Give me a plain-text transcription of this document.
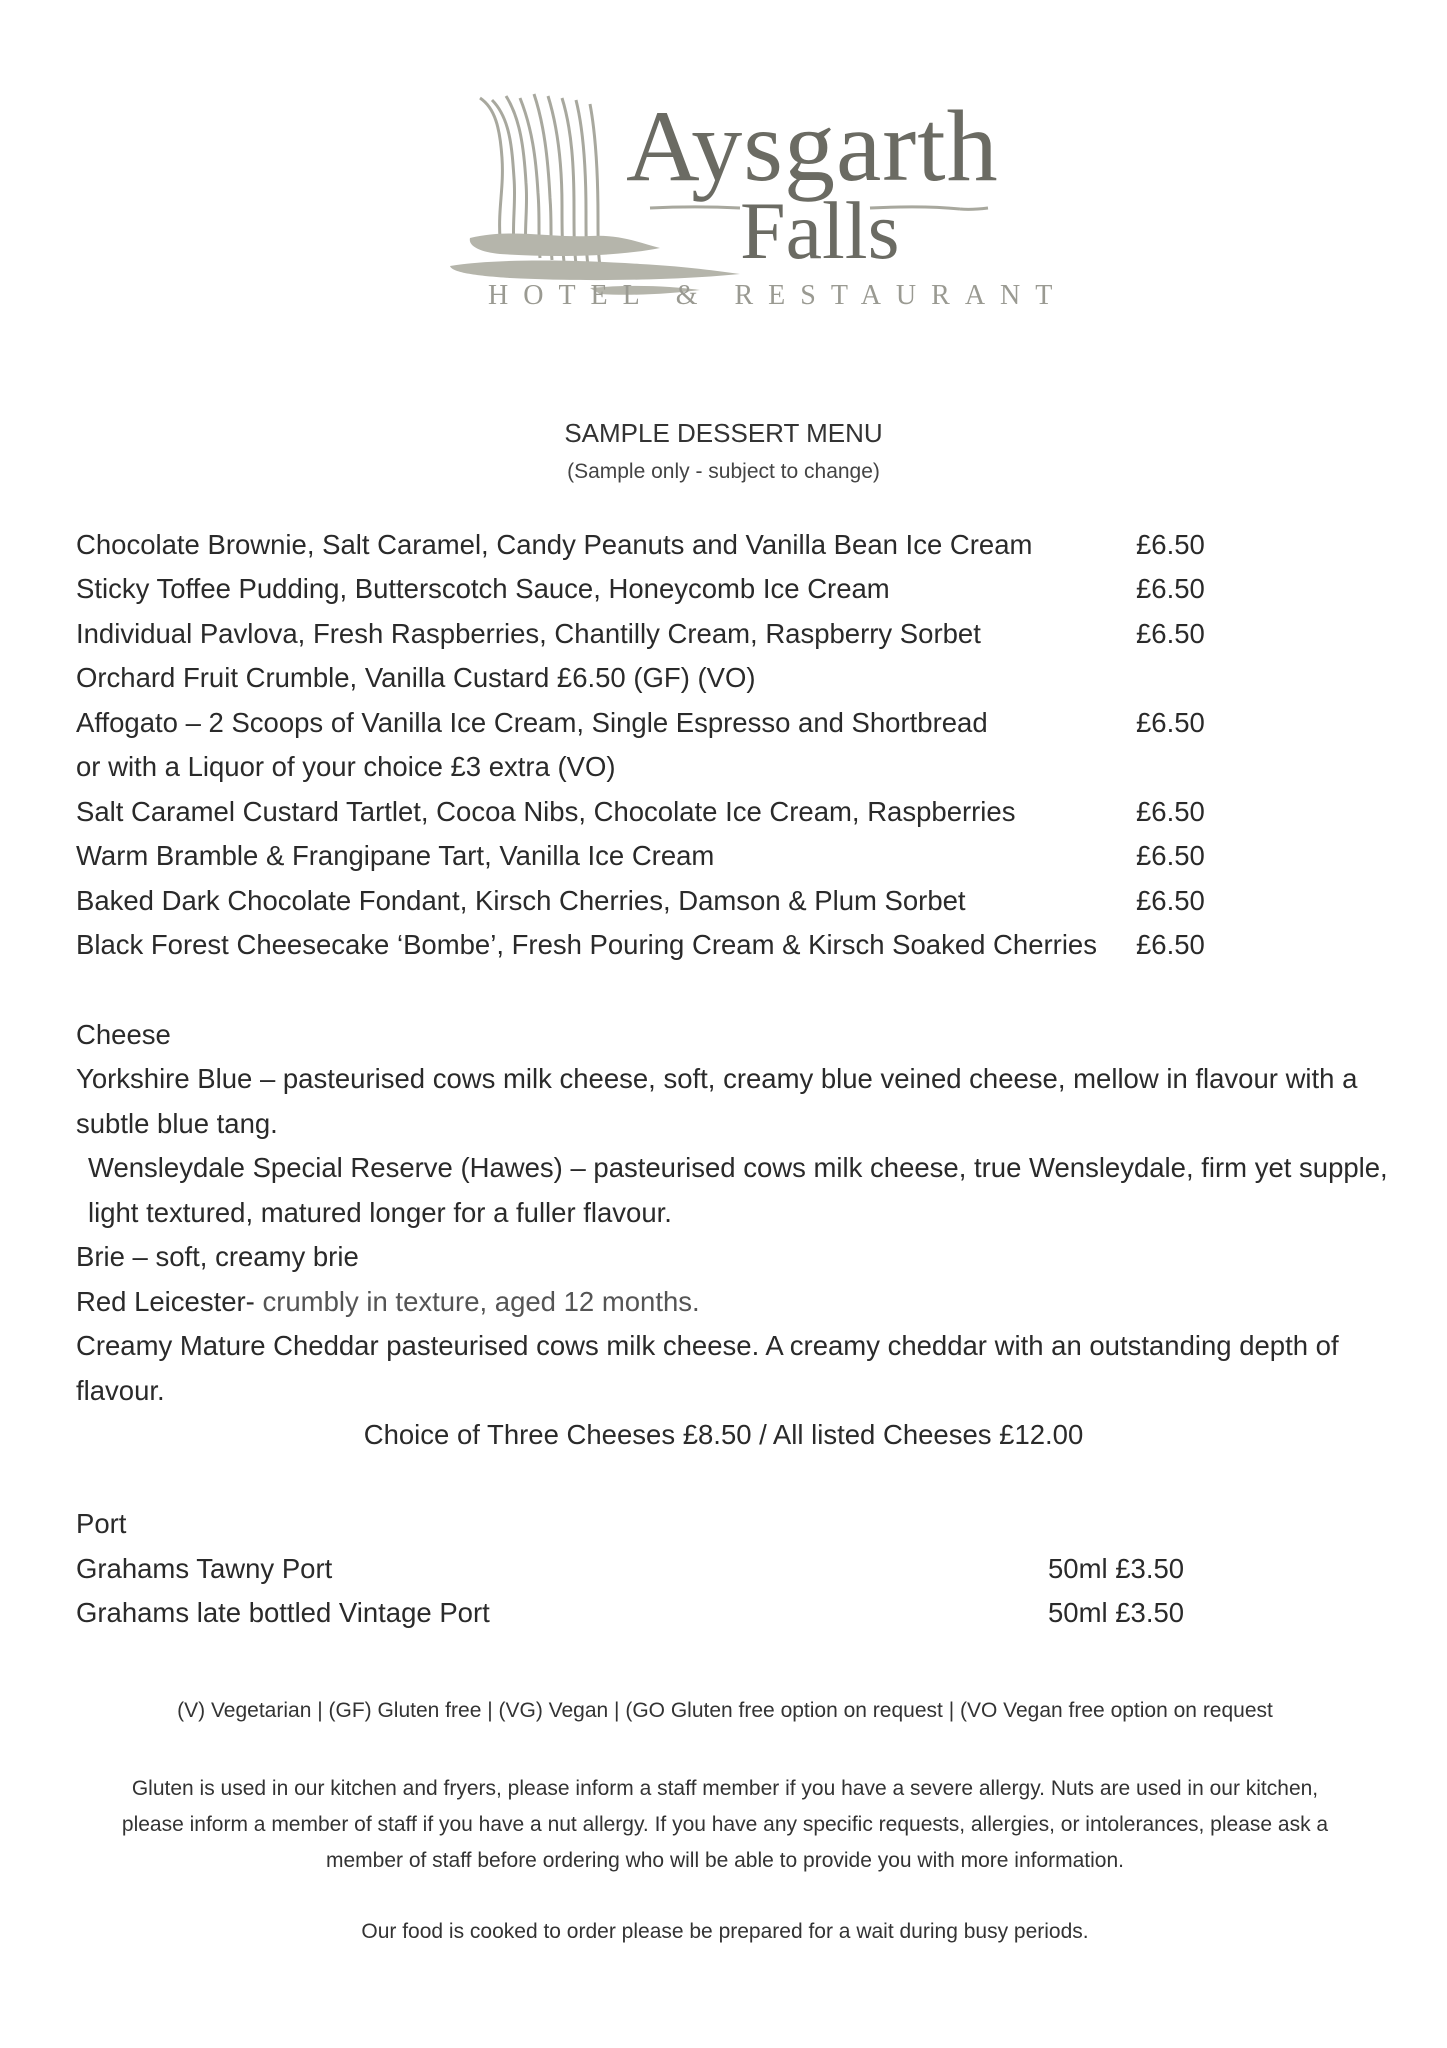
Aysgarth
Falls
HOTEL & RESTAURANT
SAMPLE DESSERT MENU
(Sample only - subject to change)
Chocolate Brownie, Salt Caramel, Candy Peanuts and Vanilla Bean Ice Cream	£6.50
Sticky Toffee Pudding, Butterscotch Sauce, Honeycomb Ice Cream	£6.50
Individual Pavlova, Fresh Raspberries, Chantilly Cream, Raspberry Sorbet	£6.50
Orchard Fruit Crumble, Vanilla Custard £6.50 (GF) (VO)
Affogato – 2 Scoops of Vanilla Ice Cream, Single Espresso and Shortbread	£6.50
or with a Liquor of your choice £3 extra (VO)
Salt Caramel Custard Tartlet, Cocoa Nibs, Chocolate Ice Cream, Raspberries	£6.50
Warm Bramble & Frangipane Tart, Vanilla Ice Cream	£6.50
Baked Dark Chocolate Fondant, Kirsch Cherries, Damson & Plum Sorbet	£6.50
Black Forest Cheesecake ‘Bombe’, Fresh Pouring Cream & Kirsch Soaked Cherries £6.50
Cheese
Yorkshire Blue – pasteurised cows milk cheese, soft, creamy blue veined cheese, mellow in flavour with a
subtle blue tang.
Wensleydale Special Reserve (Hawes) – pasteurised cows milk cheese, true Wensleydale, firm yet supple,
light textured, matured longer for a fuller flavour.
Brie – soft, creamy brie
Red Leicester- crumbly in texture, aged 12 months.
Creamy Mature Cheddar pasteurised cows milk cheese. A creamy cheddar with an outstanding depth of
flavour.
Choice of Three Cheeses £8.50 / All listed Cheeses £12.00
Port
Grahams Tawny Port	50ml £3.50
Grahams late bottled Vintage Port	50ml £3.50
(V) Vegetarian | (GF) Gluten free | (VG) Vegan | (GO Gluten free option on request | (VO Vegan free option on request
Gluten is used in our kitchen and fryers, please inform a staff member if you have a severe allergy. Nuts are used in our kitchen,
please inform a member of staff if you have a nut allergy. If you have any specific requests, allergies, or intolerances, please ask a
member of staff before ordering who will be able to provide you with more information.
Our food is cooked to order please be prepared for a wait during busy periods.
